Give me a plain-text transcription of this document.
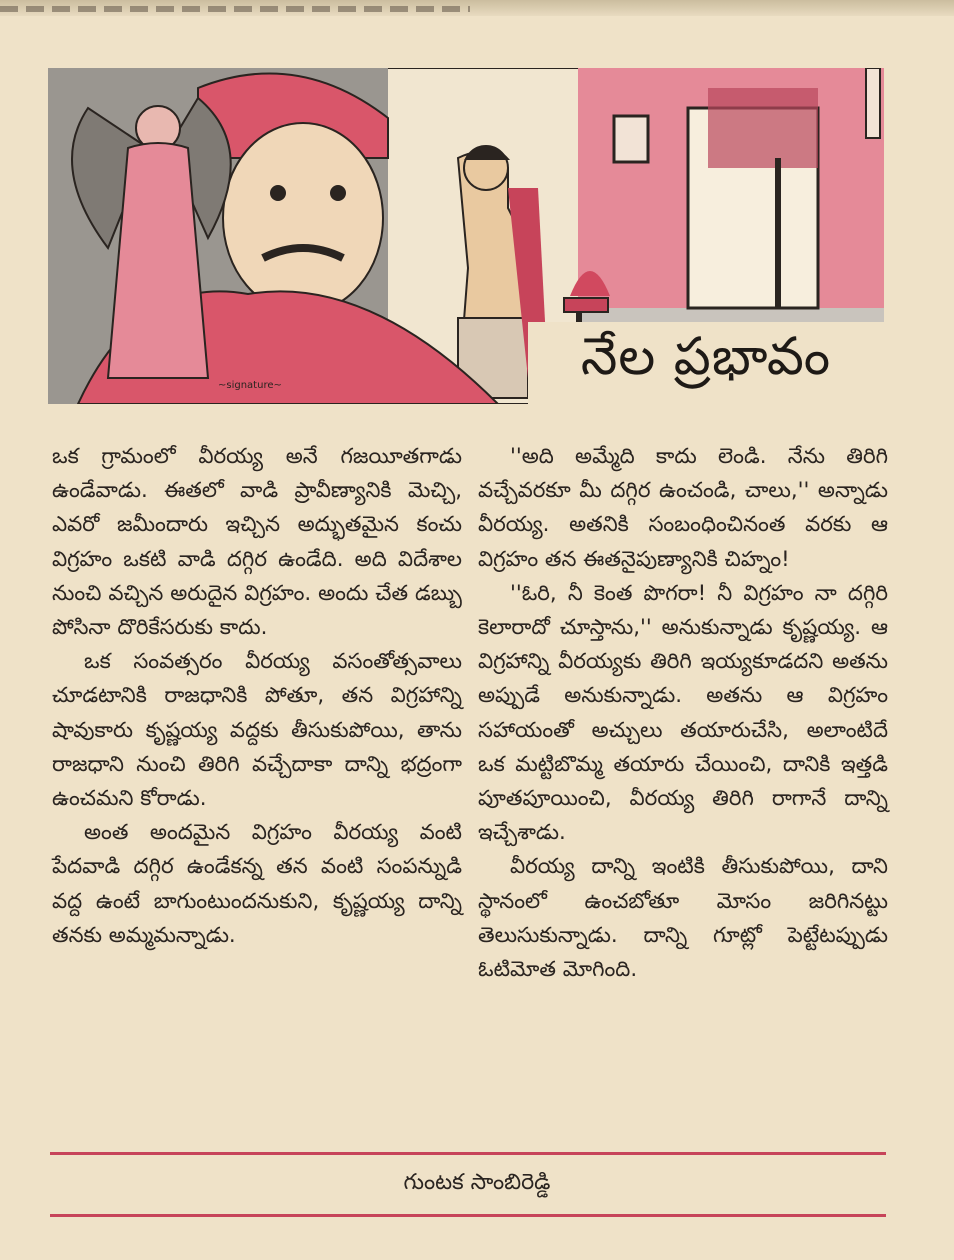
~signature~	నేల ప్రభావం

ఒక గ్రామంలో వీరయ్య అనే గజయీతగాడు ఉండేవాడు. ఈతలో వాడి ప్రావీణ్యానికి మెచ్చి, ఎవరో జమీందారు ఇచ్చిన అద్భుతమైన కంచు విగ్రహం ఒకటి వాడి దగ్గిర ఉండేది. అది విదేశాల నుంచి వచ్చిన అరుదైన విగ్రహం. అందు చేత డబ్బు పోసినా దొరికేసరుకు కాదు.

ఒక సంవత్సరం వీరయ్య వసంతోత్సవాలు చూడటానికి రాజధానికి పోతూ, తన విగ్రహాన్ని షావుకారు కృష్ణయ్య వద్దకు తీసుకుపోయి, తాను రాజధాని నుంచి తిరిగి వచ్చేదాకా దాన్ని భద్రంగా ఉంచమని కోరాడు.

అంత అందమైన విగ్రహం వీరయ్య వంటి పేదవాడి దగ్గిర ఉండేకన్న తన వంటి సంపన్నుడి వద్ద ఉంటే బాగుంటుందనుకుని, కృష్ణయ్య దాన్ని తనకు అమ్మమన్నాడు.

''అది అమ్మేది కాదు లెండి. నేను తిరిగి వచ్చేవరకూ మీ దగ్గిర ఉంచండి, చాలు,'' అన్నాడు వీరయ్య. అతనికి సంబంధించినంత వరకు ఆ విగ్రహం తన ఈతనైపుణ్యానికి చిహ్నం!

''ఓరి, నీ కెంత పొగరా! నీ విగ్రహం నా దగ్గిరి కెలారాదో చూస్తాను,'' అనుకున్నాడు కృష్ణయ్య. ఆ విగ్రహాన్ని వీరయ్యకు తిరిగి ఇయ్యకూడదని అతను అప్పుడే అనుకున్నాడు. అతను ఆ విగ్రహం సహాయంతో అచ్చులు తయారుచేసి, అలాంటిదే ఒక మట్టిబొమ్మ తయారు చేయించి, దానికి ఇత్తడి పూతపూయించి, వీరయ్య తిరిగి రాగానే దాన్ని ఇచ్చేశాడు.

వీరయ్య దాన్ని ఇంటికి తీసుకుపోయి, దాని స్థానంలో ఉంచబోతూ మోసం జరిగినట్టు తెలుసుకున్నాడు. దాన్ని గూట్లో పెట్టేటప్పుడు ఓటిమోత మోగింది.

గుంటక సాంబిరెడ్డి
